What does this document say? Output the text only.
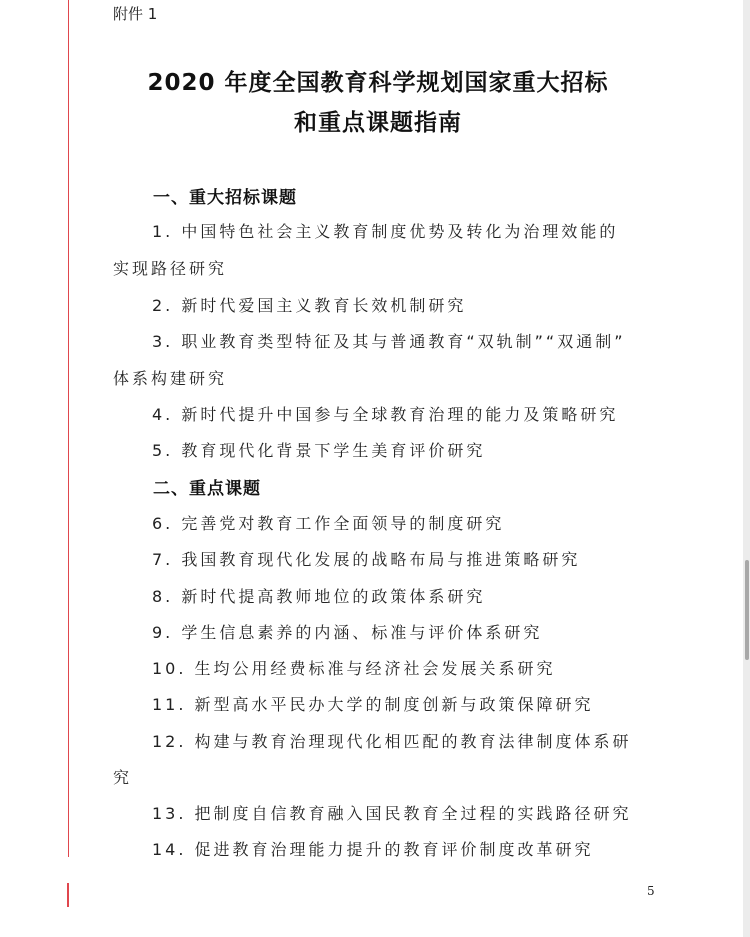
附件 1
2020 年度全国教育科学规划国家重大招标
和重点课题指南
一、重大招标课题
1. 中国特色社会主义教育制度优势及转化为治理效能的
实现路径研究
2. 新时代爱国主义教育长效机制研究
3. 职业教育类型特征及其与普通教育“双轨制”“双通制”
体系构建研究
4. 新时代提升中国参与全球教育治理的能力及策略研究
5. 教育现代化背景下学生美育评价研究
二、重点课题
6. 完善党对教育工作全面领导的制度研究
7. 我国教育现代化发展的战略布局与推进策略研究
8. 新时代提高教师地位的政策体系研究
9. 学生信息素养的内涵、标准与评价体系研究
10. 生均公用经费标准与经济社会发展关系研究
11. 新型高水平民办大学的制度创新与政策保障研究
12. 构建与教育治理现代化相匹配的教育法律制度体系研
究
13. 把制度自信教育融入国民教育全过程的实践路径研究
14. 促进教育治理能力提升的教育评价制度改革研究
5
